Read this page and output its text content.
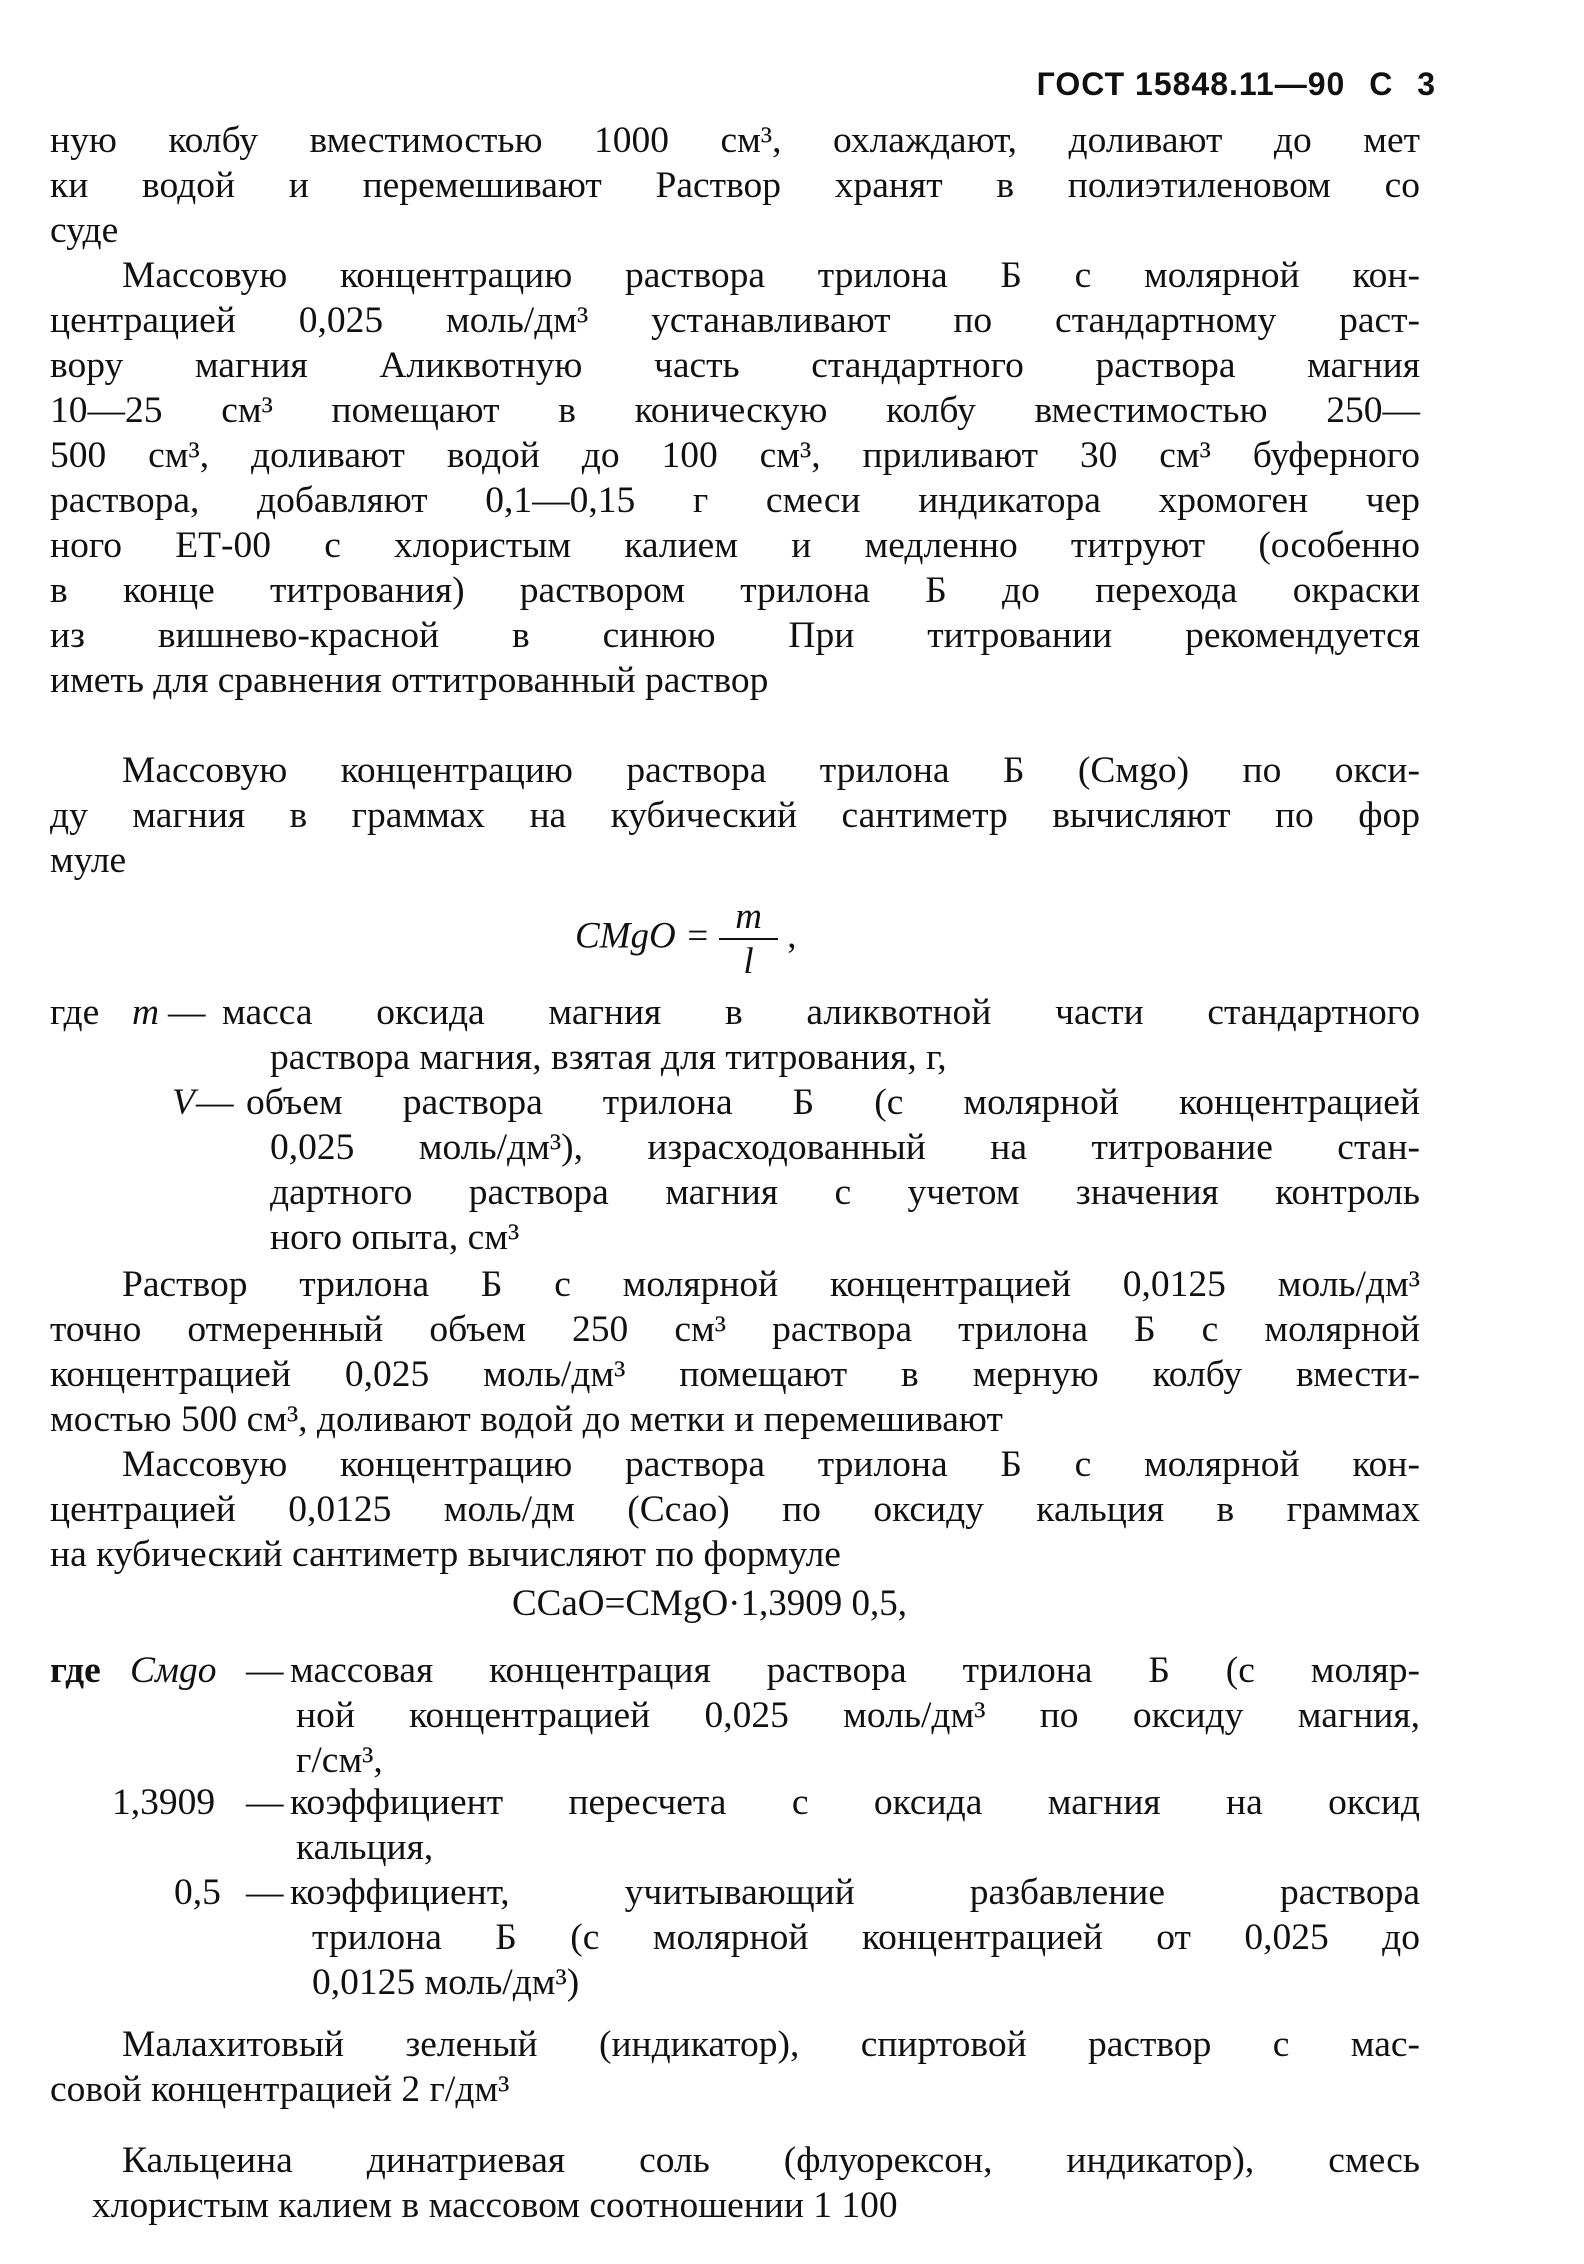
ГОСТ 15848.11—90 С 3
ную колбу вместимостью 1000 см³, охлаждают, доливают до мет
ки водой и перемешивают Раствор хранят в полиэтиленовом со
суде
Массовую концентрацию раствора трилона Б с молярной кон-
центрацией 0,025 моль/дм³ устанавливают по стандартному раст-
вору магния Аликвотную часть стандартного раствора магния
10—25 см³ помещают в коническую колбу вместимостью 250—
500 см³, доливают водой до 100 см³, приливают 30 см³ буферного
раствора, добавляют 0,1—0,15 г смеси индикатора хромоген чер
ного ЕТ-00 с хлористым калием и медленно титруют (особенно
в конце титрования) раствором трилона Б до перехода окраски
из вишнево-красной в синюю При титровании рекомендуется
иметь для сравнения оттитрованный раствор
Массовую концентрацию раствора трилона Б (Cмgо) по окси-
ду магния в граммах на кубический сантиметр вычисляют по фор
муле
CMgO = $\frac{m}{l}$ ,
где m — масса оксида магния в аликвотной части стандартного
раствора магния, взятая для титрования, г,
V — объем раствора трилона Б (с молярной концентрацией
0,025 моль/дм³), израсходованный на титрование стан-
дартного раствора магния с учетом значения контроль
ного опыта, см³
Раствор трилона Б с молярной концентрацией 0,0125 моль/дм³
точно отмеренный объем 250 см³ раствора трилона Б с молярной
концентрацией 0,025 моль/дм³ помещают в мерную колбу вмести-
мостью 500 см³, доливают водой до метки и перемешивают
Массовую концентрацию раствора трилона Б с молярной кон-
центрацией 0,0125 моль/дм (Cсао) по оксиду кальция в граммах
на кубический сантиметр вычисляют по формуле
CCaO=CMgO·1,3909 0,5,
где Cмgо — массовая концентрация раствора трилона Б (с моляр-
ной концентрацией 0,025 моль/дм³ по оксиду магния,
г/см³,
1,3909 — коэффициент пересчета с оксида магния на оксид
кальция,
0,5 — коэффициент, учитывающий разбавление раствора
трилона Б (с молярной концентрацией от 0,025 до
0,0125 моль/дм³)
Малахитовый зеленый (индикатор), спиртовой раствор с мас-
совой концентрацией 2 г/дм³
Кальцеина динатриевая соль (флуорексон, индикатор), смесь
хлористым калием в массовом соотношении 1 100
